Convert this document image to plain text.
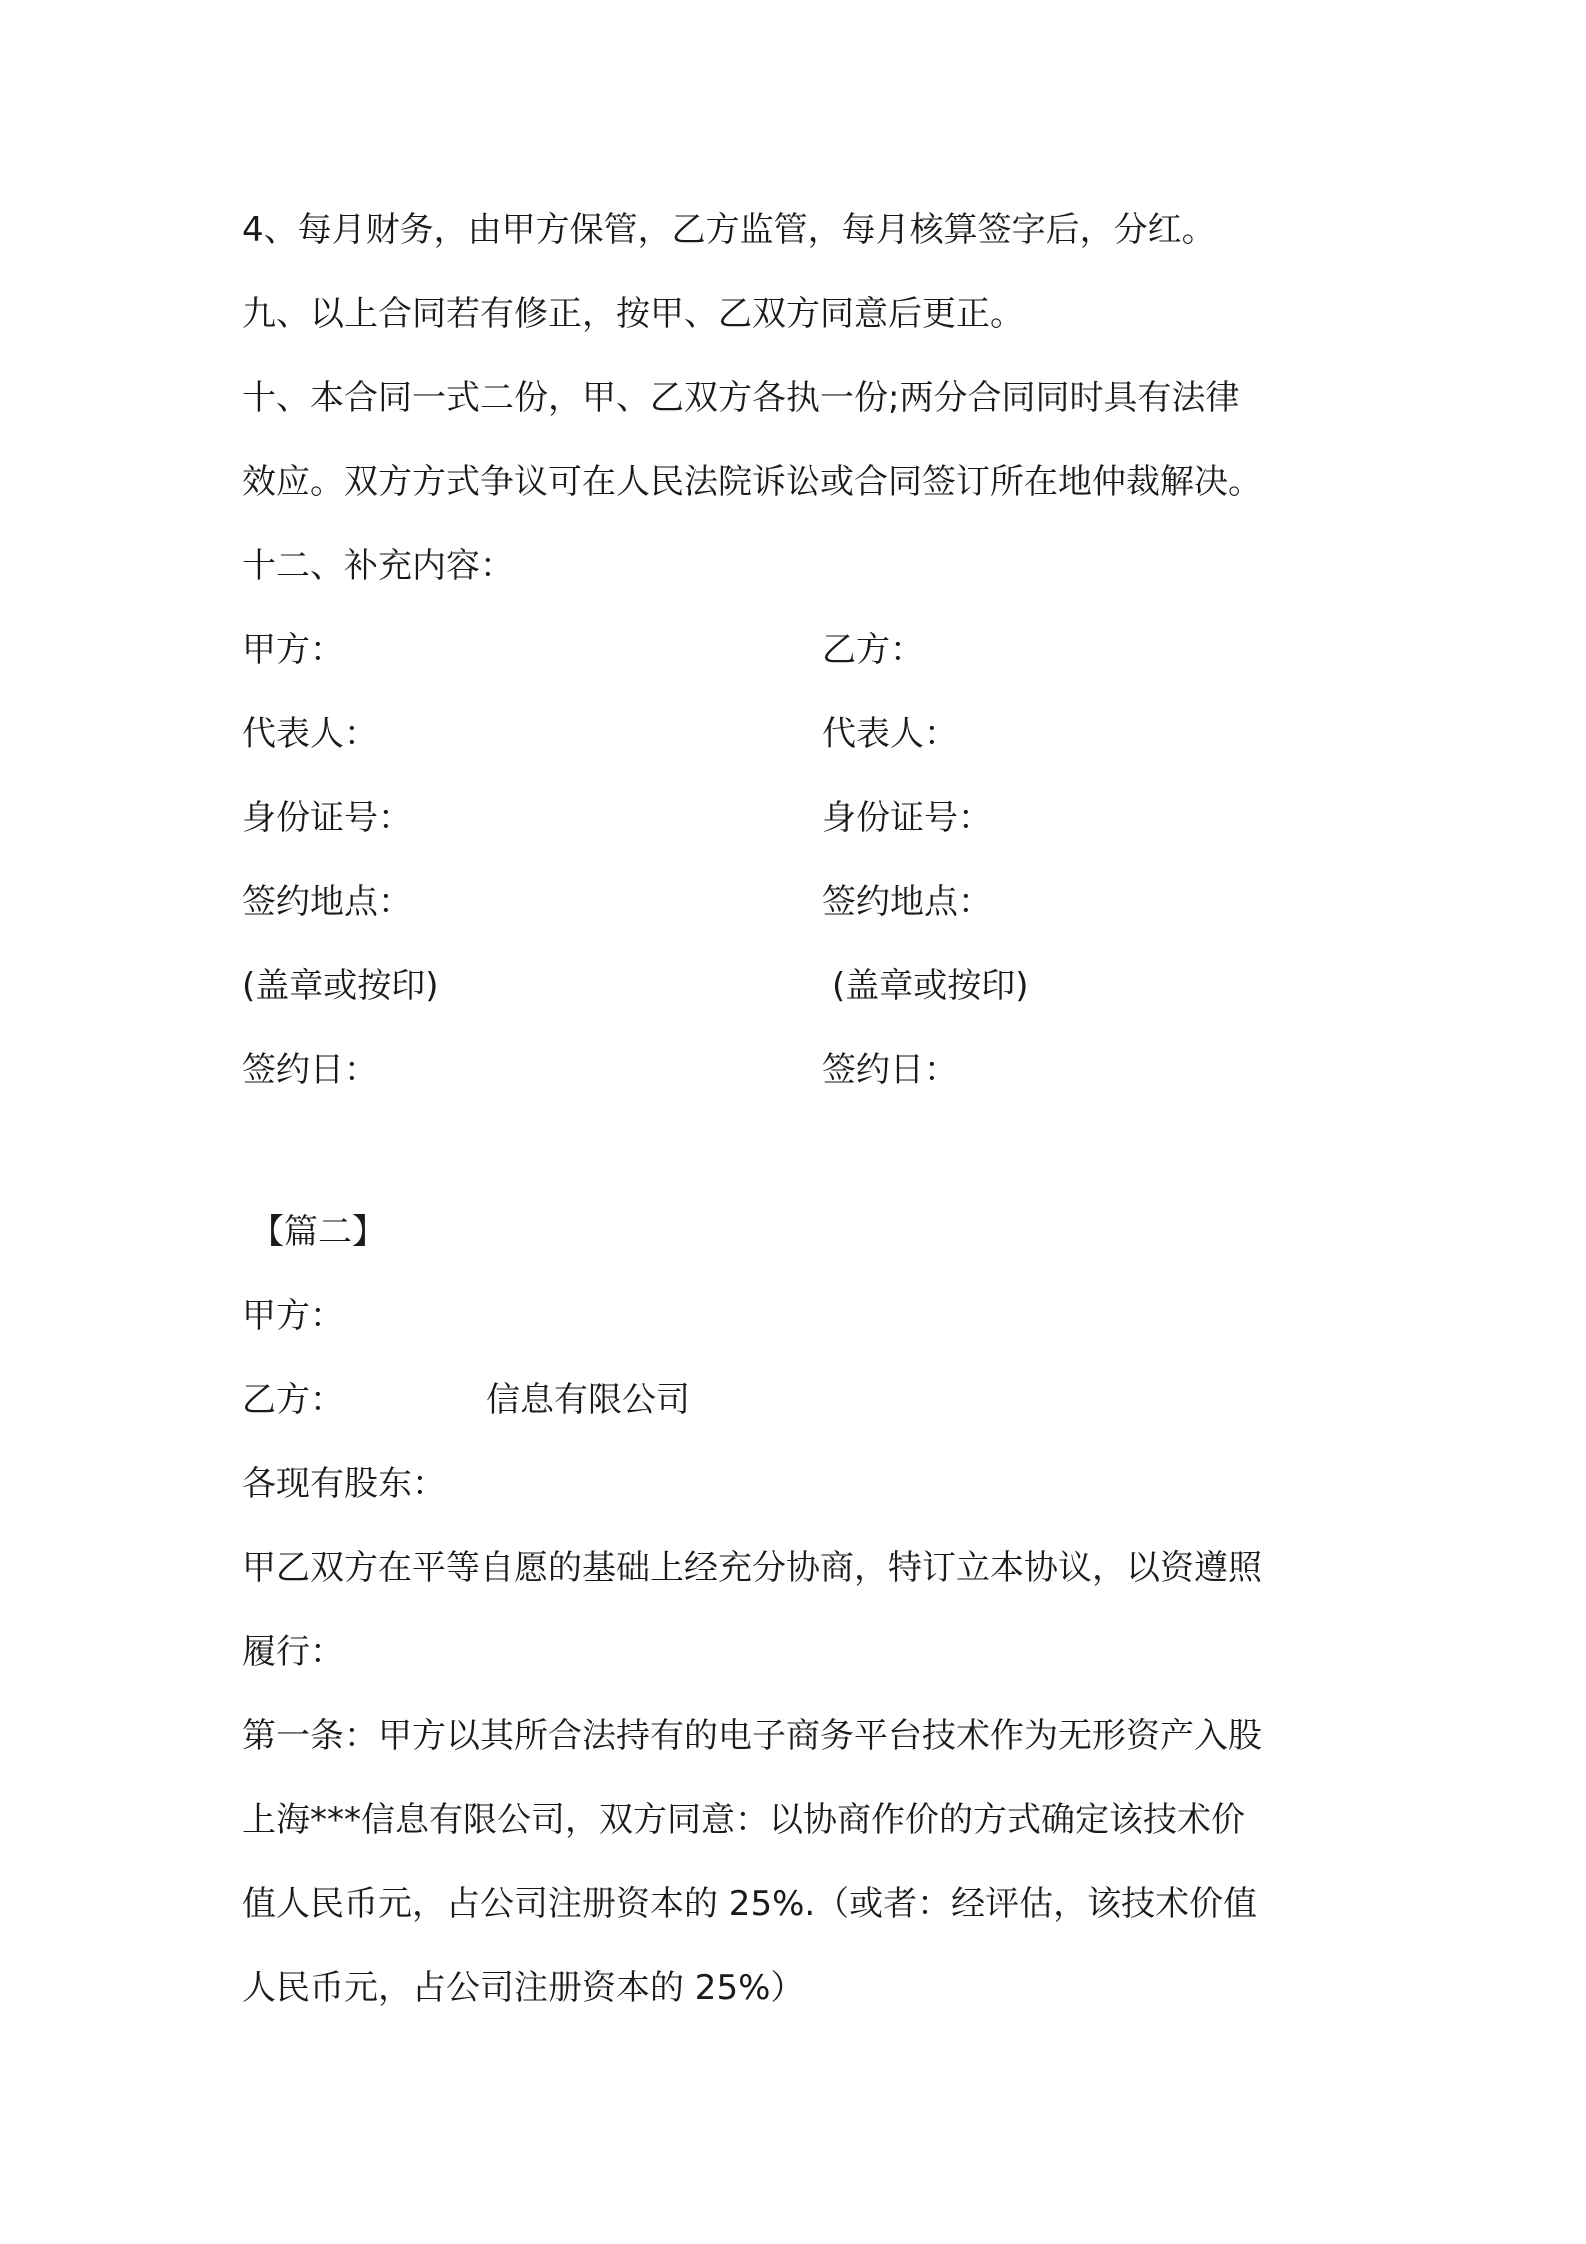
4、每月财务，由甲方保管，乙方监管，每月核算签字后，分红。
九、以上合同若有修正，按甲、乙双方同意后更正。
十、本合同一式二份，甲、乙双方各执一份;两分合同同时具有法律
效应。双方方式争议可在人民法院诉讼或合同签订所在地仲裁解决。
十二、补充内容：
甲方：
代表人：
身份证号：
签约地点：
(盖章或按印)
签约日：
乙方：
代表人：
身份证号：
签约地点：
(盖章或按印)
签约日：
【篇二】
甲方：
乙方：	信息有限公司
各现有股东：
甲乙双方在平等自愿的基础上经充分协商，特订立本协议，以资遵照
履行：
第一条：甲方以其所合法持有的电子商务平台技术作为无形资产入股
上海***信息有限公司，双方同意：以协商作价的方式确定该技术价
值人民币元，占公司注册资本的 25%.（或者：经评估，该技术价值
人民币元，占公司注册资本的 25%）
